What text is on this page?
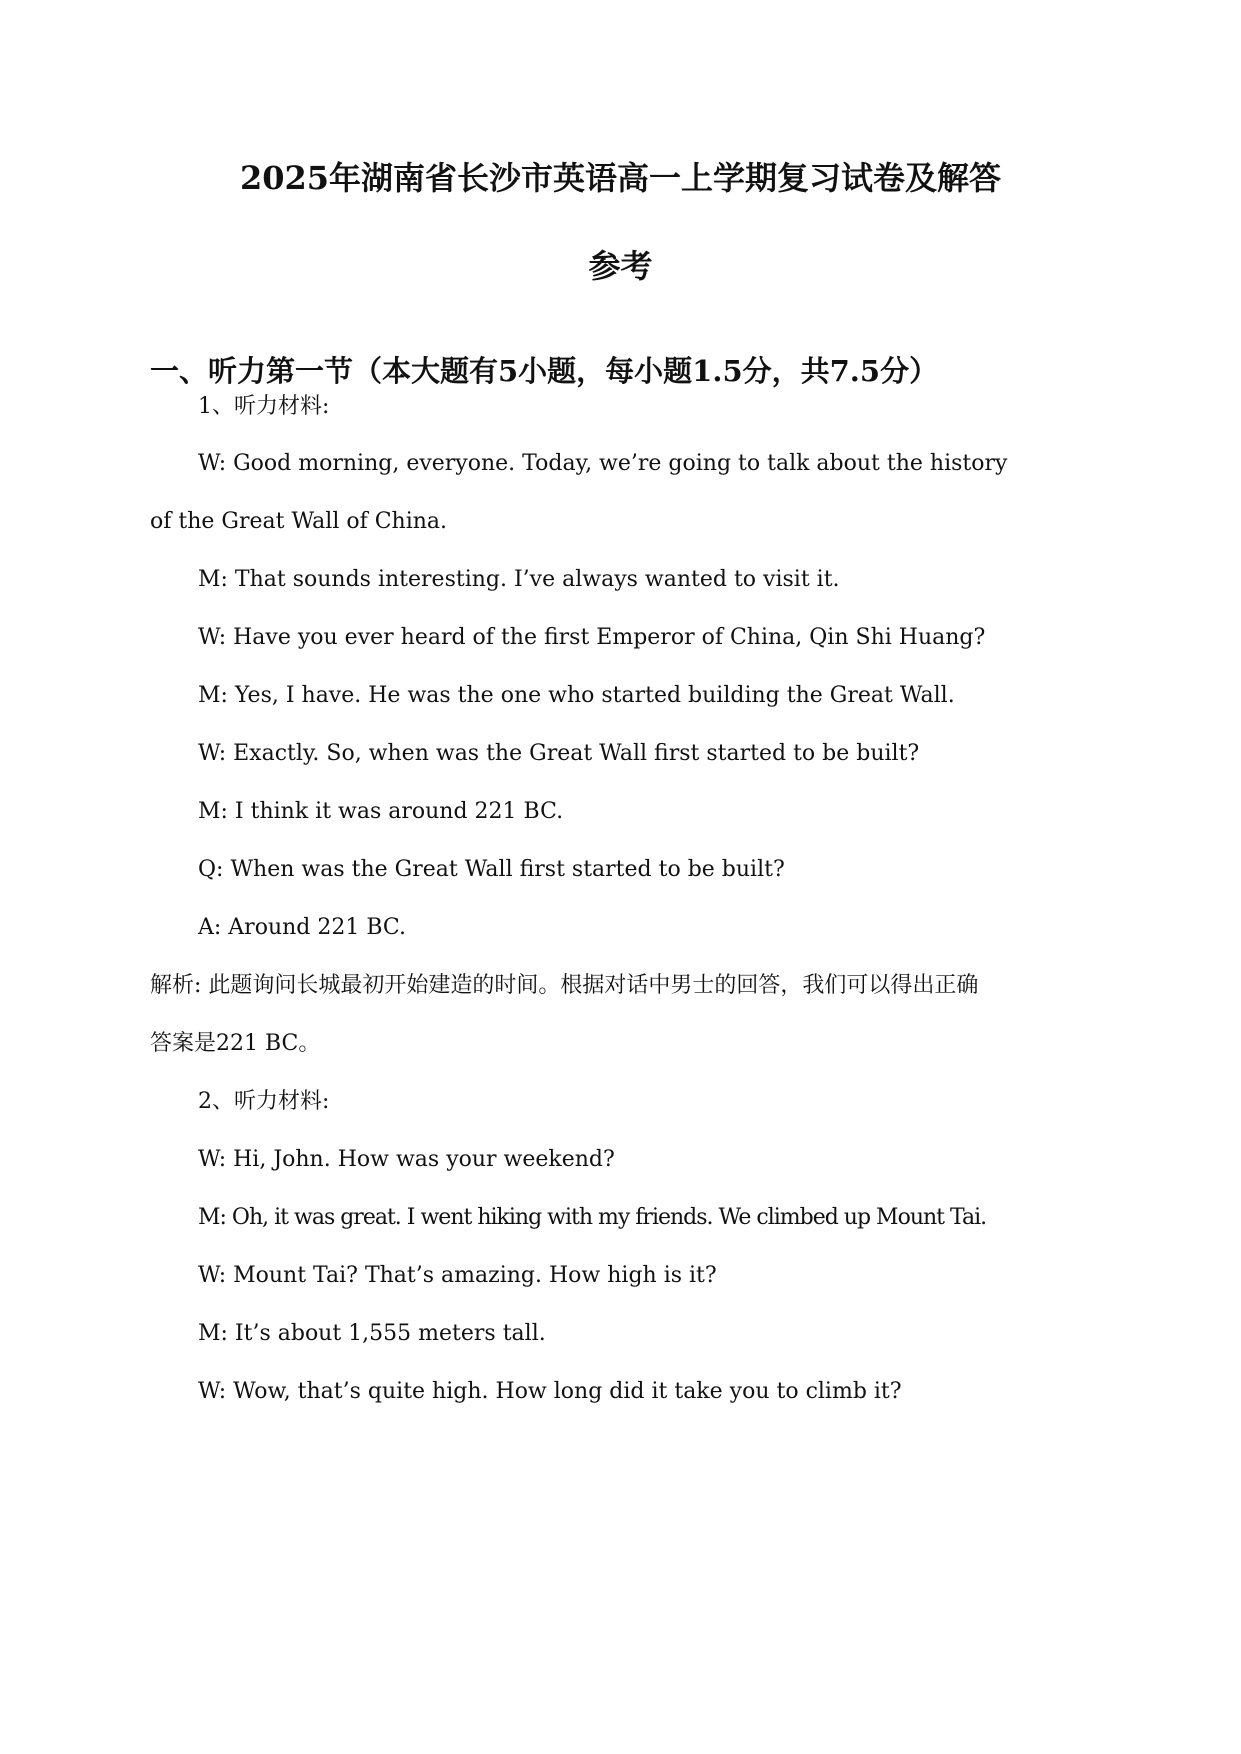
2025年湖南省长沙市英语高一上学期复习试卷及解答
参考
一、听力第一节（本大题有5小题，每小题1.5分，共7.5分）
1、听力材料:
W: Good morning, everyone. Today, we’re going to talk about the history
of the Great Wall of China.
M: That sounds interesting. I’ve always wanted to visit it.
W: Have you ever heard of the first Emperor of China, Qin Shi Huang?
M: Yes, I have. He was the one who started building the Great Wall.
W: Exactly. So, when was the Great Wall first started to be built?
M: I think it was around 221 BC.
Q: When was the Great Wall first started to be built?
A: Around 221 BC.
解析: 此题询问长城最初开始建造的时间。根据对话中男士的回答，我们可以得出正确
答案是221 BC。
2、听力材料:
W: Hi, John. How was your weekend?
M: Oh, it was great. I went hiking with my friends. We climbed up Mount Tai.
W: Mount Tai? That’s amazing. How high is it?
M: It’s about 1,555 meters tall.
W: Wow, that’s quite high. How long did it take you to climb it?
